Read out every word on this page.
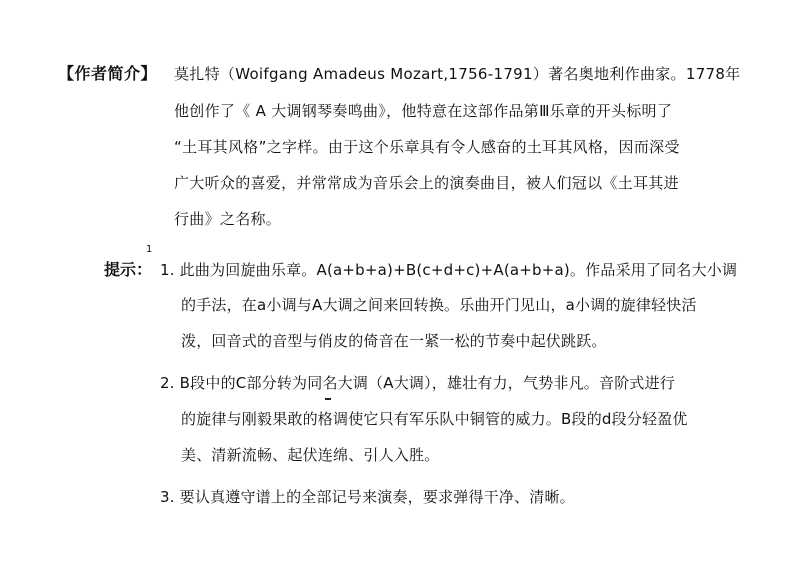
【作者简介】 莫扎特（Woifgang Amadeus Mozart,1756-1791）著名奥地利作曲家。1778年
他创作了《 A 大调钢琴奏鸣曲》，他特意在这部作品第Ⅲ乐章的开头标明了
“土耳其风格”之字样。由于这个乐章具有令人感奋的土耳其风格，因而深受
广大听众的喜爱，并常常成为音乐会上的演奏曲目，被人们冠以《土耳其进
行曲》之名称。
1
提示： 1. 此曲为回旋曲乐章。A(a+b+a)+B(c+d+c)+A(a+b+a)。作品采用了同名大小调
的手法，在a小调与A大调之间来回转换。乐曲开门见山，a小调的旋律轻快活
泼，回音式的音型与俏皮的倚音在一紧一松的节奏中起伏跳跃。
2. B段中的C部分转为同名大调（A大调），雄壮有力，气势非凡。音阶式进行
的旋律与刚毅果敢的格调使它只有军乐队中铜管的威力。B段的d段分轻盈优
美、清新流畅、起伏连绵、引人入胜。
3. 要认真遵守谱上的全部记号来演奏，要求弹得干净、清晰。
